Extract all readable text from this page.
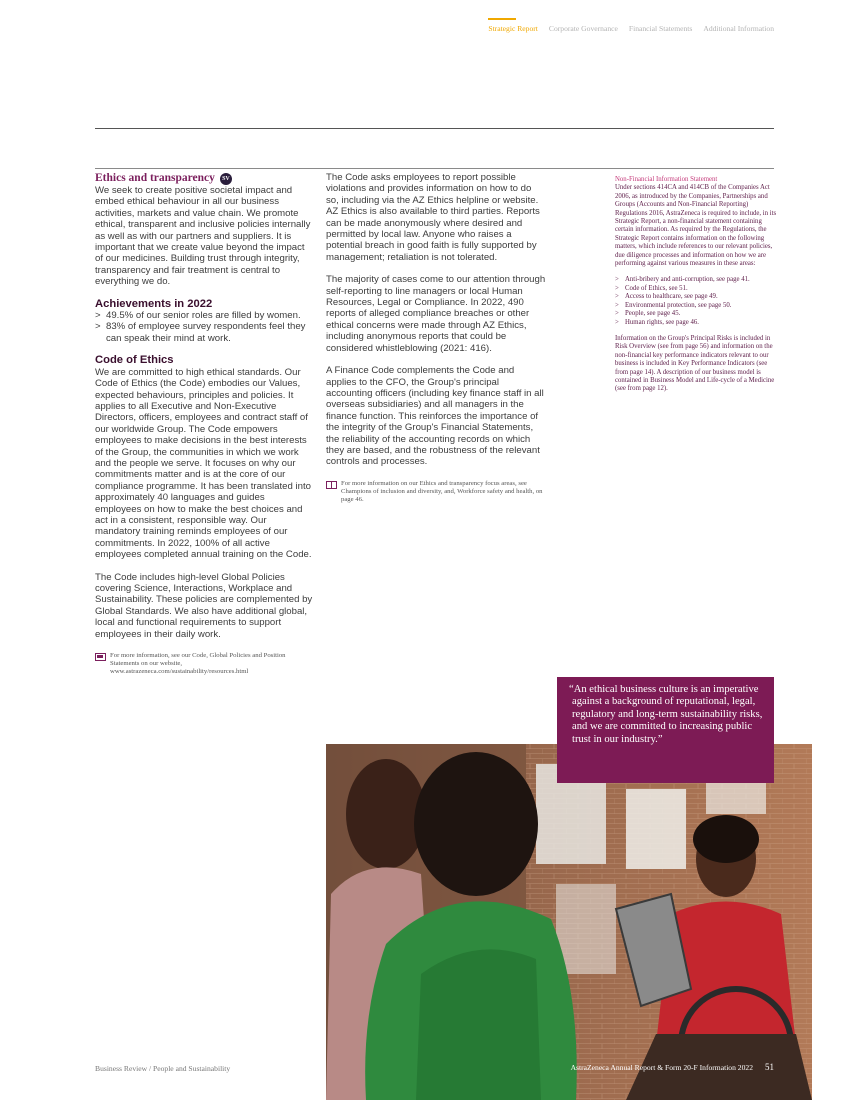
Strategic Report Corporate Governance Financial Statements Additional Information
Ethics and transparency	SV

We seek to create positive societal impact and embed ethical behaviour in all our business activities, markets and value chain. We promote ethical, transparent and inclusive policies internally as well as with our partners and suppliers. It is important that we create value beyond the impact of our medicines. Building trust through integrity, transparency and fair treatment is central to everything we do.

Achievements in 2022
> 49.5% of our senior roles are filled by women.
> 83% of employee survey respondents feel they can speak their mind at work.
Code of Ethics

We are committed to high ethical standards. Our Code of Ethics (the Code) embodies our Values, expected behaviours, principles and policies. It applies to all Executive and Non-Executive Directors, officers, employees and contract staff of our worldwide Group. The Code empowers employees to make decisions in the best interests of the Group, the communities in which we work and the people we serve. It focuses on why our commitments matter and is at the core of our compliance programme. It has been translated into approximately 40 languages and guides employees on how to make the best choices and act in a consistent, responsible way. Our mandatory training reminds employees of our commitments. In 2022, 100% of all active employees completed annual training on the Code.

The Code includes high-level Global Policies covering Science, Interactions, Workplace and Sustainability. These policies are complemented by Global Standards. We also have additional global, local and functional requirements to support employees in their daily work.

For more information, see our Code, Global Policies and Position Statements on our website, www.astrazeneca.com/sustainability/resources.html

The Code asks employees to report possible violations and provides information on how to do so, including via the AZ Ethics helpline or website. AZ Ethics is also available to third parties. Reports can be made anonymously where desired and permitted by local law. Anyone who raises a potential breach in good faith is fully supported by management; retaliation is not tolerated.

The majority of cases come to our attention through self-reporting to line managers or local Human Resources, Legal or Compliance. In 2022, 490 reports of alleged compliance breaches or other ethical concerns were made through AZ Ethics, including anonymous reports that could be considered whistleblowing (2021: 416).

A Finance Code complements the Code and applies to the CFO, the Group's principal accounting officers (including key finance staff in all overseas subsidiaries) and all managers in the finance function. This reinforces the importance of the integrity of the Group's Financial Statements, the reliability of the accounting records on which they are based, and the robustness of the relevant controls and processes.

For more information on our Ethics and transparency focus areas, see Champions of inclusion and diversity, and, Workforce safety and health, on page 46.
Non-Financial Information Statement

Under sections 414CA and 414CB of the Companies Act 2006, as introduced by the Companies, Partnerships and Groups (Accounts and Non-Financial Reporting) Regulations 2016, AstraZeneca is required to include, in its Strategic Report, a non-financial statement containing certain information. As required by the Regulations, the Strategic Report contains information on the following matters, which include references to our relevant policies, due diligence processes and information on how we are performing against various measures in these areas:

> Anti-bribery and anti-corruption, see page 41.
> Code of Ethics, see 51.
> Access to healthcare, see page 49.
> Environmental protection, see page 50.
> People, see page 45.
> Human rights, see page 46.

Information on the Group's Principal Risks is included in Risk Overview (see from page 56) and information on the non-financial key performance indicators relevant to our business is included in Key Performance Indicators (see from page 14). A description of our business model is contained in Business Model and Life-cycle of a Medicine (see from page 12).

“An ethical business culture is an imperative against a background of reputational, legal, regulatory and long-term sustainability risks, and we are committed to increasing public trust in our industry.”
Business Review / People and Sustainability	AstraZeneca Annual Report & Form 20-F Information 2022 51
